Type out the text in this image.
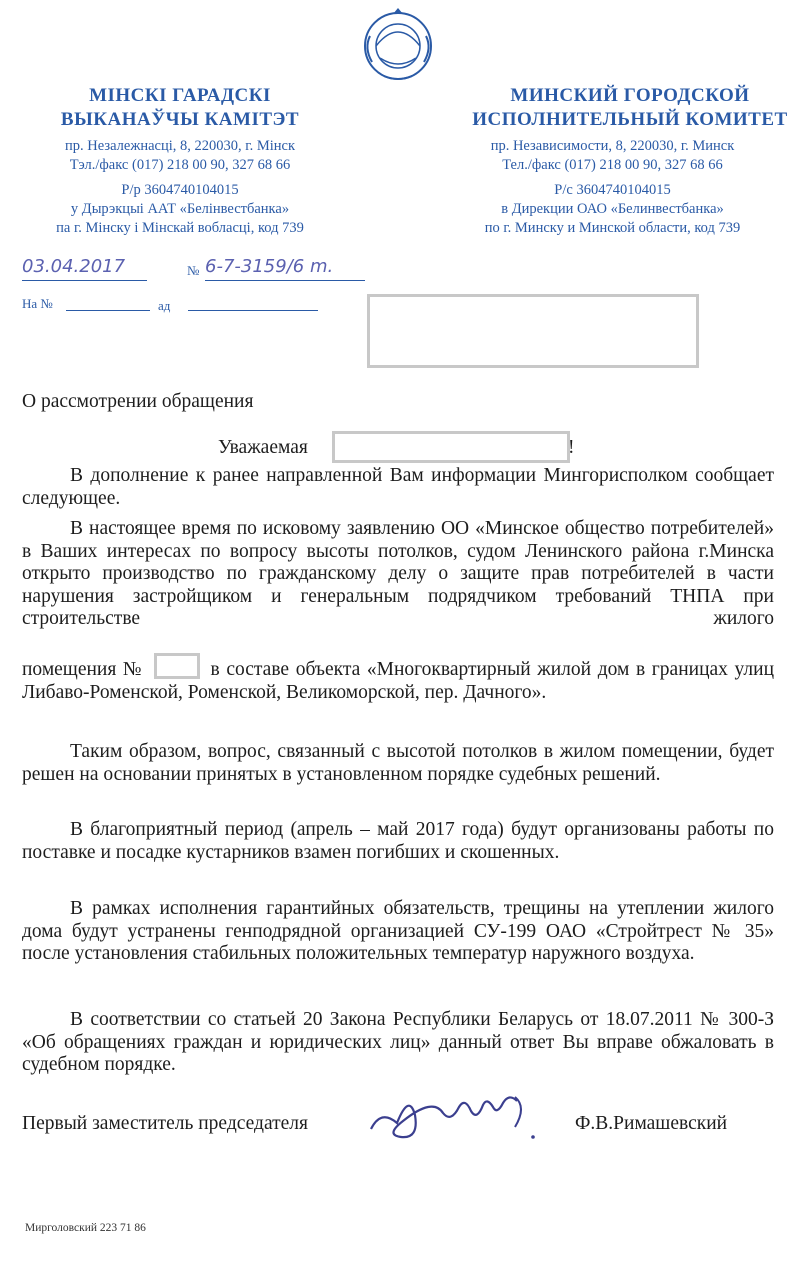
МІНСКІ ГАРАДСКІ
ВЫКАНАЎЧЫ КАМІТЭТ
пр. Незалежнасці, 8, 220030, г. Мінск
Тэл./факс (017) 218 00 90, 327 68 66
Р/р 3604740104015
у Дырэкцыі ААТ «Белінвестбанка»
па г. Мінску і Мінскай вобласці, код 739
МИНСКИЙ ГОРОДСКОЙ
ИСПОЛНИТЕЛЬНЫЙ КОМИТЕТ
пр. Независимости, 8, 220030, г. Минск
Тел./факс (017) 218 00 90, 327 68 66
Р/с 3604740104015
в Дирекции ОАО «Белинвестбанка»
по г. Минску и Минской области, код 739
03.04.2017	№ 6-7-3159/6 m.
На №	ад
О рассмотрении обращения
Уважаемая	!
В дополнение к ранее направленной Вам информации Мингорисполком сообщает следующее.
В настоящее время по исковому заявлению ОО «Минское общество потребителей» в Ваших интересах по вопросу высоты потолков, судом Ленинского района г.Минска открыто производство по гражданскому делу о защите прав потребителей в части нарушения застройщиком и генеральным подрядчиком требований ТНПА при строительстве жилого
помещения №	в составе объекта «Многоквартирный жилой дом в границах улиц Либаво-Роменской, Роменской, Великоморской, пер. Дачного».
Таким образом, вопрос, связанный с высотой потолков в жилом помещении, будет решен на основании принятых в установленном порядке судебных решений.
В благоприятный период (апрель – май 2017 года) будут организованы работы по поставке и посадке кустарников взамен погибших и скошенных.
В рамках исполнения гарантийных обязательств, трещины на утеплении жилого дома будут устранены генподрядной организацией СУ-199 ОАО «Стройтрест № 35» после установления стабильных положительных температур наружного воздуха.
В соответствии со статьей 20 Закона Республики Беларусь от 18.07.2011 № 300-З «Об обращениях граждан и юридических лиц» данный ответ Вы вправе обжаловать в судебном порядке.
Первый заместитель председателя	Ф.В.Римашевский
Мирголовский 223 71 86
